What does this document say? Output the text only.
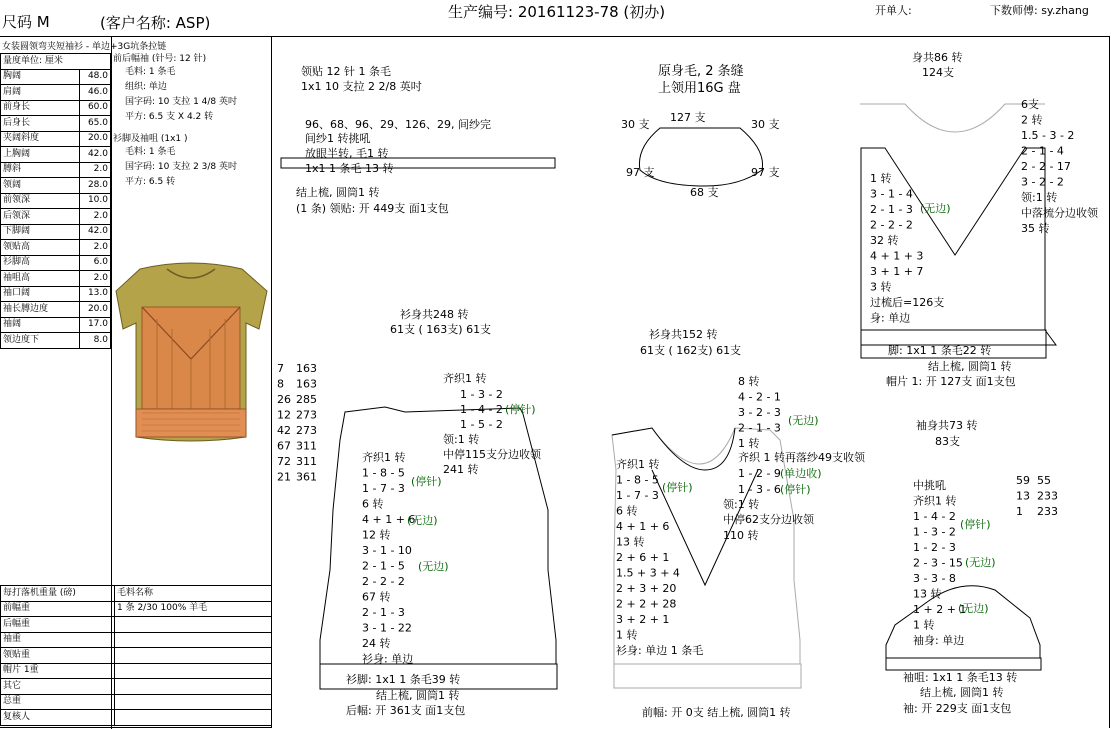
尺码 M	(客户名称: ASP)
生产编号: 20161123-78 (初办)	开单人:	下数师傅: sy.zhang
女装圆领弯夹短袖衫 - 单边+3G坑条拉链
量度单位: 厘米	
胸阔	48.0
肩阔	46.0
前身长	60.0
后身长	65.0
夹阔斜度	20.0
上胸阔	42.0
膊斜	2.0
领阔	28.0
前领深	10.0
后领深	2.0
下脚阔	42.0
领贴高	2.0
衫脚高	6.0
袖咀高	2.0
袖口阔	13.0
袖长膊边度	20.0
袖阔	17.0
领边度下	8.0
前后幅袖 (针号: 12 针)
毛料: 1 条毛
组织: 单边
国字码: 10 支拉 1 4/8 英吋
平方: 6.5 支 X 4.2 转
衫脚及袖咀 (1x1 )
毛料: 1 条毛
国字码: 10 支拉 2 3/8 英吋
平方: 6.5 转
每打落机重量 (磅)	毛料名称
前幅重	1 条 2/30 100% 羊毛
后幅重	
袖重	
领贴重	
帽片 1重	
其它	
总重	
复核人	
领贴 12 针 1 条毛
1x1 10 支拉 2 2/8 英吋
96、68、96、29、126、29, 间纱完
间纱1 转挑吼
放眼半转, 毛1 转
1x1 1 条毛 13 转
结上梳, 圆筒1 转
(1 条) 领贴: 开 449支 面1支包
原身毛, 2 条缝
上领用16G 盘
127 支
30 支	30 支
97 支	97 支
68 支
身共86 转
124支
1 转
3 - 1 - 4
2 - 1 - 3
2 - 2 - 2
32 转
4 + 1 + 3
3 + 1 + 7
3 转
过梳后=126支
身: 单边
(无边)
6支
2 转
1.5 - 3 - 2
2 - 1 - 4
2 - 2 - 17
3 - 2 - 2
领:1 转
中落梳分边收领
35 转
脚: 1x1 1 条毛22 转
结上梳, 圆筒1 转
帽片 1: 开 127支 面1支包
衫身共248 转
61支 ( 163支) 61支
7 163
8 163
26 285
12 273
42 273
67 311
72 311
21 361
齐织1 转
1 - 3 - 2
1 - 4 - 2
1 - 5 - 2
(停针)
领:1 转
中停115支分边收领
241 转
齐织1 转
1 - 8 - 5
1 - 7 - 3
6 转
4 + 1 + 6
12 转
3 - 1 - 10
2 - 1 - 5
2 - 2 - 2
67 转
2 - 1 - 3
3 - 1 - 22
24 转
衫身: 单边
(停针)
(无边)
(无边)
衫脚: 1x1 1 条毛39 转
结上梳, 圆筒1 转
后幅: 开 361支 面1支包
衫身共152 转
61支 ( 162支) 61支
8 转
4 - 2 - 1
3 - 2 - 3
2 - 1 - 3
1 转
(无边)
齐织 1 转再落纱49支收领
1 - 2 - 9 (单边收)
1 - 3 - 6 (停针)
领:1 转
中停62支分边收领
110 转
齐织1 转
1 - 8 - 5
1 - 7 - 3
6 转
4 + 1 + 6
13 转
2 + 6 + 1
1.5 + 3 + 4
2 + 3 + 20
2 + 2 + 28
3 + 2 + 1
1 转
衫身: 单边 1 条毛
(停针)
前幅: 开 0支 结上梳, 圆筒1 转
袖身共73 转
83支
59 55
13 233
1 233
中挑吼
齐织1 转
1 - 4 - 2
1 - 3 - 2
1 - 2 - 3
2 - 3 - 15
3 - 3 - 8
13 转
1 + 2 + 1
1 转
袖身: 单边
(停针)
(无边)
(无边)
袖咀: 1x1 1 条毛13 转
结上梳, 圆筒1 转
袖: 开 229支 面1支包
